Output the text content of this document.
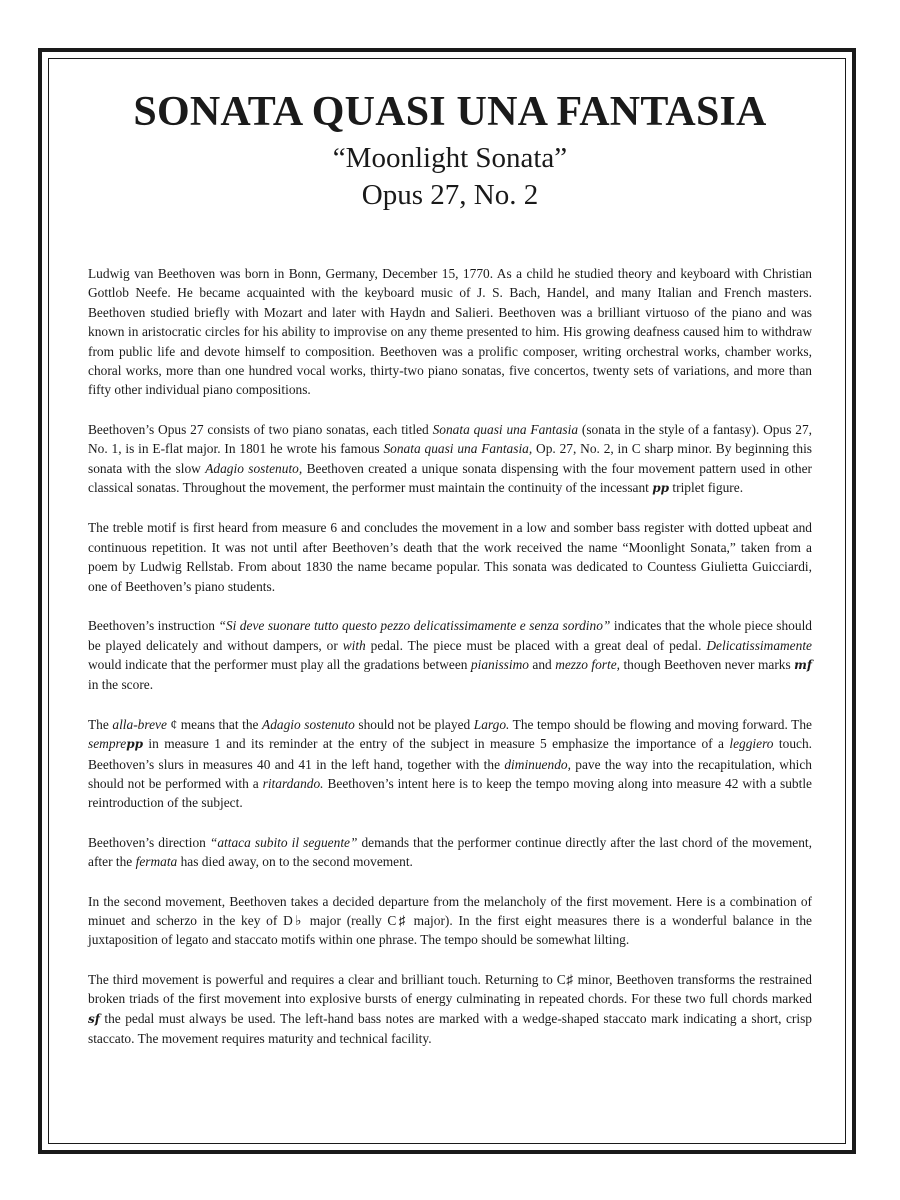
SONATA QUASI UNA FANTASIA

“Moonlight Sonata”

Opus 27, No. 2

Ludwig van Beethoven was born in Bonn, Germany, December 15, 1770. As a child he studied theory and keyboard with Christian Gottlob Neefe. He became acquainted with the keyboard music of J. S. Bach, Handel, and many Italian and French masters. Beethoven studied briefly with Mozart and later with Haydn and Salieri. Beethoven was a brilliant virtuoso of the piano and was known in aristocratic circles for his ability to improvise on any theme presented to him. His growing deafness caused him to withdraw from public life and devote himself to composition. Beethoven was a prolific composer, writing orchestral works, chamber works, choral works, more than one hundred vocal works, thirty-two piano sonatas, five concertos, twenty sets of variations, and more than fifty other individual piano compositions.

Beethoven’s Opus 27 consists of two piano sonatas, each titled Sonata quasi una Fantasia (sonata in the style of a fantasy). Opus 27, No. 1, is in E-flat major. In 1801 he wrote his famous Sonata quasi una Fantasia, Op. 27, No. 2, in C sharp minor. By beginning this sonata with the slow Adagio sostenuto, Beethoven created a unique sonata dispensing with the four movement pattern used in other classical sonatas. Throughout the movement, the performer must maintain the continuity of the incessant pp triplet figure.

The treble motif is first heard from measure 6 and concludes the movement in a low and somber bass register with dotted upbeat and continuous repetition. It was not until after Beethoven’s death that the work received the name “Moonlight Sonata,” taken from a poem by Ludwig Rellstab. From about 1830 the name became popular. This sonata was dedicated to Countess Giulietta Guicciardi, one of Beethoven’s piano students.

Beethoven’s instruction “Si deve suonare tutto questo pezzo delicatissimamente e senza sordino” indicates that the whole piece should be played delicately and without dampers, or with pedal. The piece must be placed with a great deal of pedal. Delicatissimamente would indicate that the performer must play all the gradations between pianissimo and mezzo forte, though Beethoven never marks mf in the score.

The alla-breve ¢ means that the Adagio sostenuto should not be played Largo. The tempo should be flowing and moving forward. The semprepp in measure 1 and its reminder at the entry of the subject in measure 5 emphasize the importance of a leggiero touch. Beethoven’s slurs in measures 40 and 41 in the left hand, together with the diminuendo, pave the way into the recapitulation, which should not be performed with a ritardando. Beethoven’s intent here is to keep the tempo moving along into measure 42 with a subtle reintroduction of the subject.

Beethoven’s direction “attaca subito il seguente” demands that the performer continue directly after the last chord of the movement, after the fermata has died away, on to the second movement.

In the second movement, Beethoven takes a decided departure from the melancholy of the first movement. Here is a combination of minuet and scherzo in the key of D♭ major (really C♯ major). In the first eight measures there is a wonderful balance in the juxtaposition of legato and staccato motifs within one phrase. The tempo should be somewhat lilting.

The third movement is powerful and requires a clear and brilliant touch. Returning to C♯ minor, Beethoven transforms the restrained broken triads of the first movement into explosive bursts of energy culminating in repeated chords. For these two full chords marked sf the pedal must always be used. The left-hand bass notes are marked with a wedge-shaped staccato mark indicating a short, crisp staccato. The movement requires maturity and technical facility.
